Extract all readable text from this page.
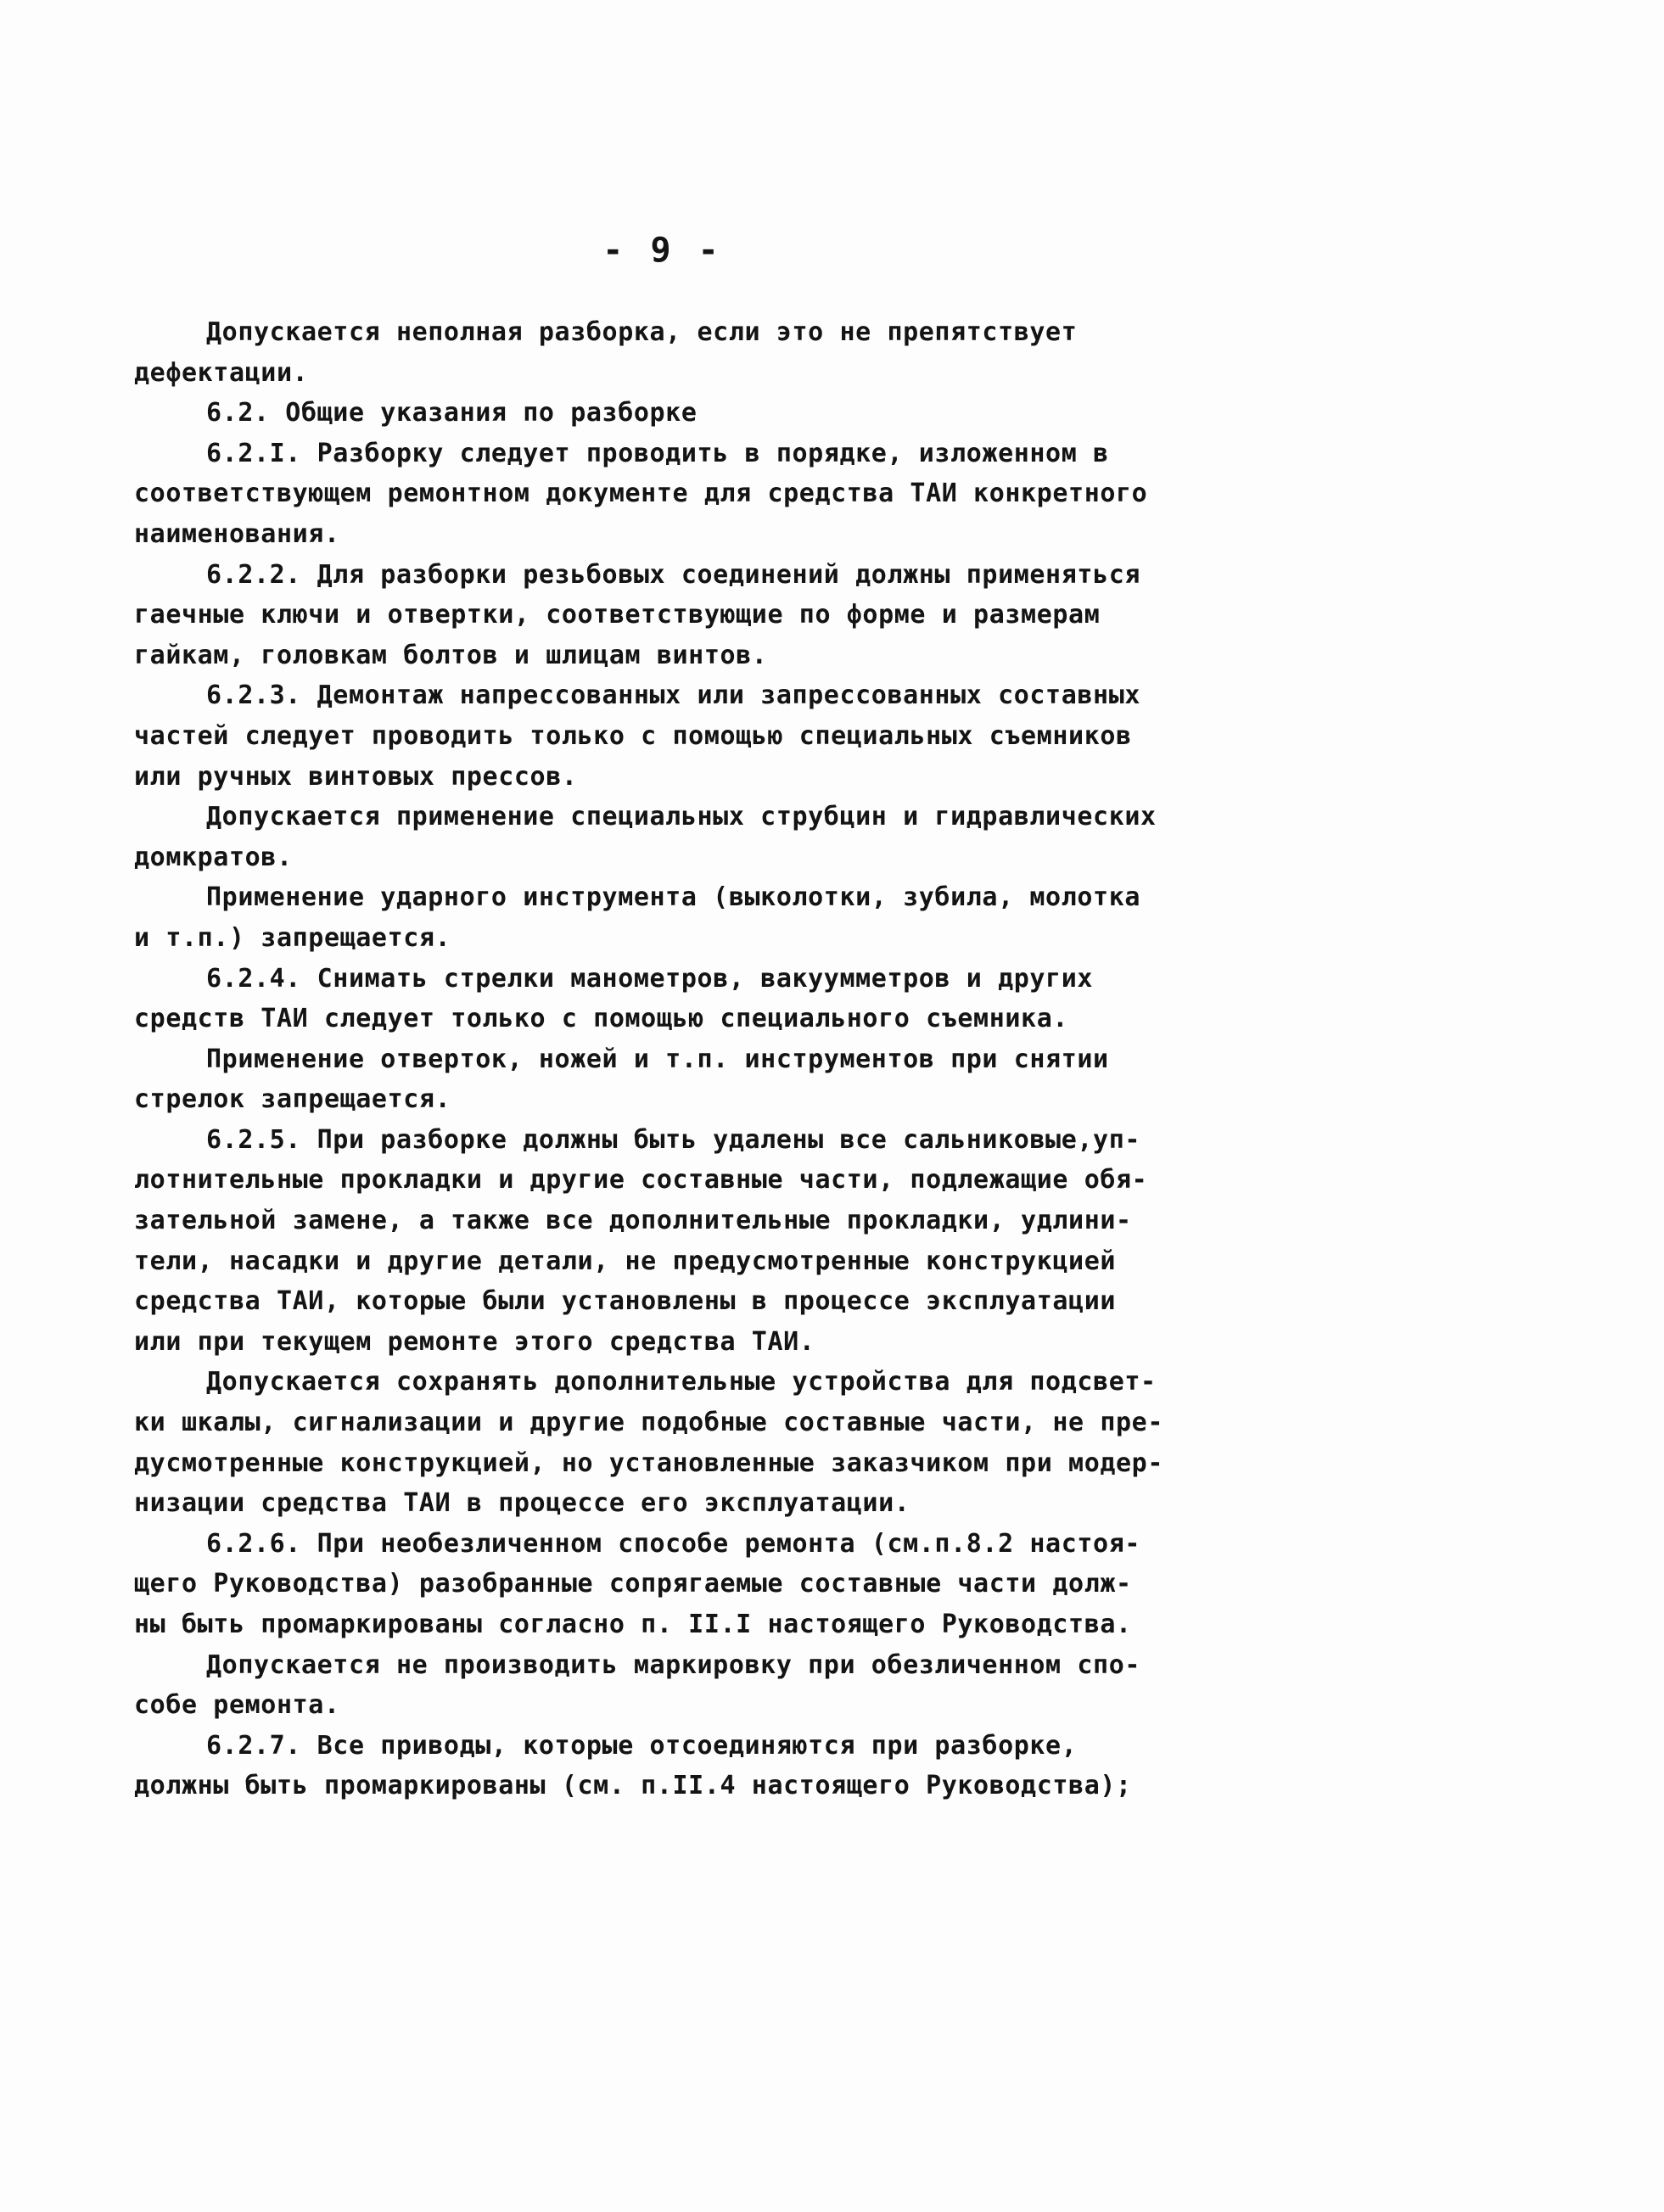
- 9 -
Допускается неполная разборка, если это не препятствует
дефектации.
6.2. Общие указания по разборке
6.2.I. Разборку следует проводить в порядке, изложенном в
соответствующем ремонтном документе для средства ТАИ конкретного
наименования.
6.2.2. Для разборки резьбовых соединений должны применяться
гаечные ключи и отвертки, соответствующие по форме и размерам
гайкам, головкам болтов и шлицам винтов.
6.2.3. Демонтаж напрессованных или запрессованных составных
частей следует проводить только с помощью специальных съемников
или ручных винтовых прессов.
Допускается применение специальных струбцин и гидравлических
домкратов.
Применение ударного инструмента (выколотки, зубила, молотка
и т.п.) запрещается.
6.2.4. Снимать стрелки манометров, вакуумметров и других
средств ТАИ следует только с помощью специального съемника.
Применение отверток, ножей и т.п. инструментов при снятии
стрелок запрещается.
6.2.5. При разборке должны быть удалены все сальниковые,уп-
лотнительные прокладки и другие составные части, подлежащие обя-
зательной замене, а также все дополнительные прокладки, удлини-
тели, насадки и другие детали, не предусмотренные конструкцией
средства ТАИ, которые были установлены в процессе эксплуатации
или при текущем ремонте этого средства ТАИ.
Допускается сохранять дополнительные устройства для подсвет-
ки шкалы, сигнализации и другие подобные составные части, не пре-
дусмотренные конструкцией, но установленные заказчиком при модер-
низации средства ТАИ в процессе его эксплуатации.
6.2.6. При необезличенном способе ремонта (см.п.8.2 настоя-
щего Руководства) разобранные сопрягаемые составные части долж-
ны быть промаркированы согласно п. II.I настоящего Руководства.
Допускается не производить маркировку при обезличенном спо-
собе ремонта.
6.2.7. Все приводы, которые отсоединяются при разборке,
должны быть промаркированы (см. п.II.4 настоящего Руководства);
